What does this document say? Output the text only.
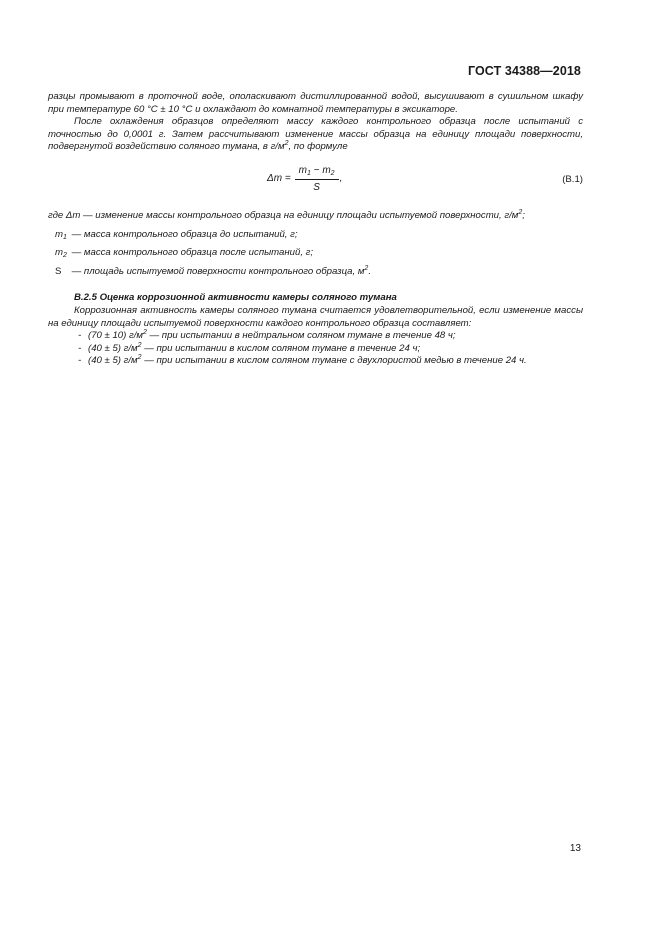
ГОСТ 34388—2018

разцы промывают в проточной воде, ополаскивают дистиллированной водой, высушивают в сушильном шкафу при температуре 60 °С ± 10 °С и охлаждают до комнатной температуры в эксикаторе.

После охлаждения образцов определяют массу каждого контрольного образца после испытаний с точностью до 0,0001 г. Затем рассчитывают изменение массы образца на единицу площади поверхности, подвергнутой воздействию соляного тумана, в $г/м^2$, по формуле

$\Delta m = \frac{m_1 - m_2}{S}$ ,	(B.1)

где Δm — изменение массы контрольного образца на единицу площади испытуемой поверхности, $г/м^2$;

$m_1$ — масса контрольного образца до испытаний, г;

$m_2$ — масса контрольного образца после испытаний, г;

S — площадь испытуемой поверхности контрольного образца, $м^2$.

В.2.5 Оценка коррозионной активности камеры соляного тумана

Коррозионная активность камеры соляного тумана считается удовлетворительной, если изменение массы на единицу площади испытуемой поверхности каждого контрольного образца составляет:

- (70 ± 10) $г/м^2$ — при испытании в нейтральном соляном тумане в течение 48 ч;

- (40 ± 5) $г/м^2$ — при испытании в кислом соляном тумане в течение 24 ч;

- (40 ± 5) $г/м^2$ — при испытании в кислом соляном тумане с двухлористой медью в течение 24 ч.

13
